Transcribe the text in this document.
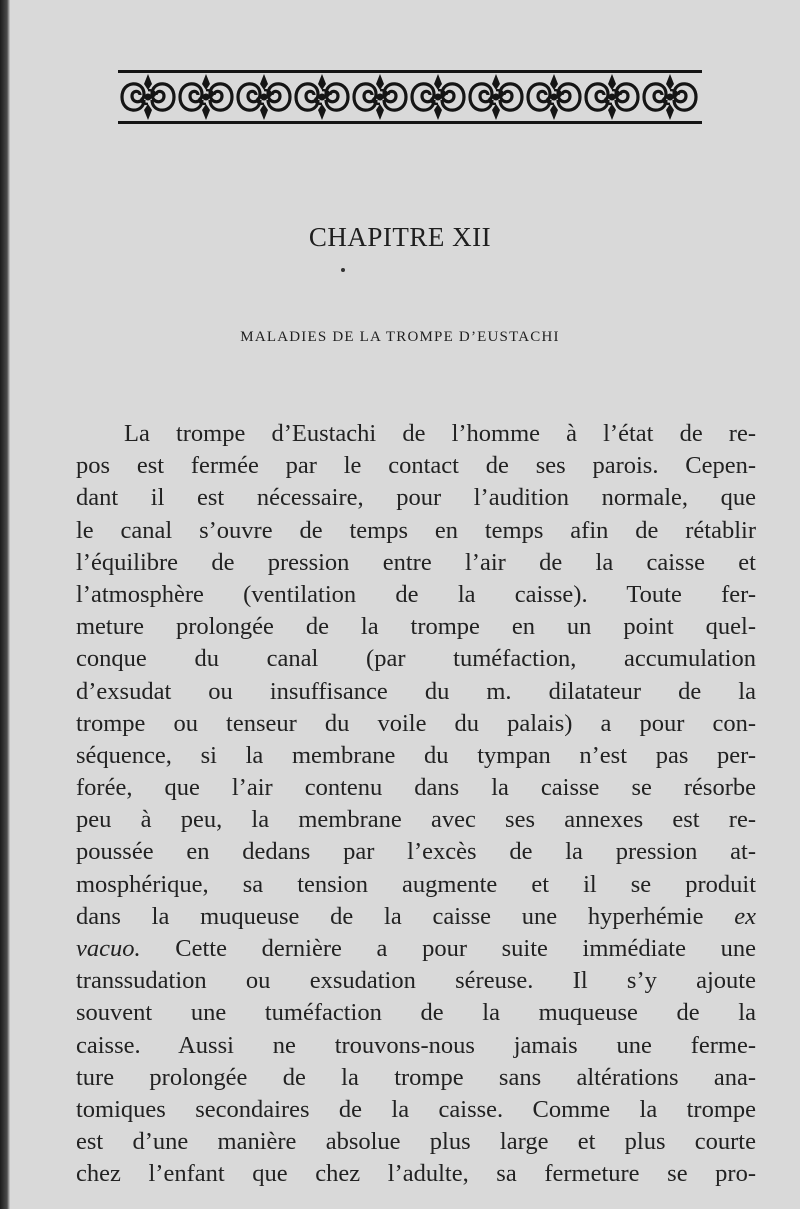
CHAPITRE XII
MALADIES DE LA TROMPE D’EUSTACHI
La trompe d’Eustachi de l’homme à l’état de re-
pos est fermée par le contact de ses parois. Cepen-
dant il est nécessaire, pour l’audition normale, que
le canal s’ouvre de temps en temps afin de rétablir
l’équilibre de pression entre l’air de la caisse et
l’atmosphère (ventilation de la caisse). Toute fer-
meture prolongée de la trompe en un point quel-
conque du canal (par tuméfaction, accumulation
d’exsudat ou insuffisance du m. dilatateur de la
trompe ou tenseur du voile du palais) a pour con-
séquence, si la membrane du tympan n’est pas per-
forée, que l’air contenu dans la caisse se résorbe
peu à peu, la membrane avec ses annexes est re-
poussée en dedans par l’excès de la pression at-
mosphérique, sa tension augmente et il se produit
dans la muqueuse de la caisse une hyperhémie ex
vacuo. Cette dernière a pour suite immédiate une
transsudation ou exsudation séreuse. Il s’y ajoute
souvent une tuméfaction de la muqueuse de la
caisse. Aussi ne trouvons-nous jamais une ferme-
ture prolongée de la trompe sans altérations ana-
tomiques secondaires de la caisse. Comme la trompe
est d’une manière absolue plus large et plus courte
chez l’enfant que chez l’adulte, sa fermeture se pro-
